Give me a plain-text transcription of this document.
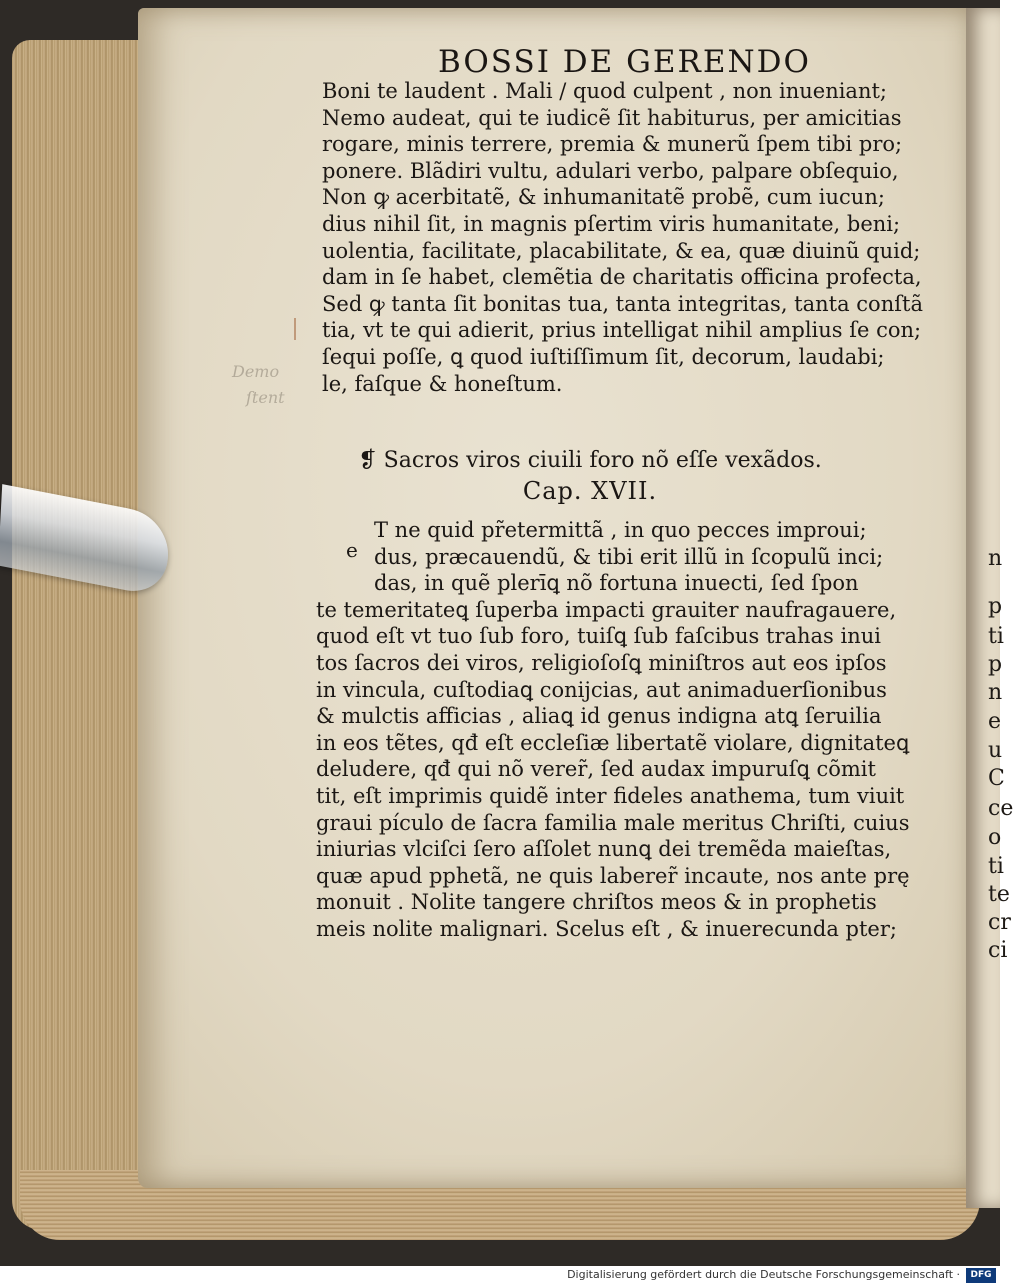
n
p
ti
p
n
e
u
C
ce
o
ti
te
cr
ci
BOSSI DE GERENDO
Demo
ſtent
Boni te laudent . Mali / quod culpent , non inueniant;
Nemo audeat, qui te iudicẽ ſit habiturus, per amicitias
rogare, minis terrere, premia & munerũ ſpem tibi pro;
ponere. Blãdiri vultu, adulari verbo, palpare obſequio,
Non ꝙ acerbitatẽ, & inhumanitatẽ probẽ, cum iucun;
dius nihil ſit, in magnis pſertim viris humanitate, beni;
uolentia, facilitate, placabilitate, & ea, quæ diuinũ quid;
dam in ſe habet, clemẽtia de charitatis officina profecta,
Sed ꝙ tanta ſit bonitas tua, tanta integritas, tanta conſtã
tia, vt te qui adierit, prius intelligat nihil amplius ſe con;
ſequi poſſe, ꝗ quod iuſtiſſimum ſit, decorum, laudabi;
le, faſque & honeſtum.
❡ Sacros viros ciuili foro nõ eſſe vexãdos.
Cap. XVII.
e
T ne quid pr̃etermittã , in quo pecces improui;
dus, præcauendũ, & tibi erit illũ in ſcopulũ inci;
das, in quẽ plerīꝗ nõ fortuna inuecti, ſed ſpon
te temeritateꝗ ſuperba impacti grauiter naufragauere,
quod eſt vt tuo ſub foro, tuiſꝗ ſub faſcibus trahas inui
tos ſacros dei viros, religioſoſꝗ miniſtros aut eos ipſos
in vincula, cuſtodiaꝗ conijcias, aut animaduerſionibus
& mulctis afficias , aliaꝗ id genus indigna atꝗ ſeruilia
in eos tẽtes, qđ eſt eccleſiæ libertatẽ violare, dignitateꝗ
deludere, qđ qui nõ verer̃, ſed audax impuruſꝗ cõmit
tit, eſt imprimis quidẽ inter fideles anathema, tum viuit
graui pículo de ſacra familia male meritus Chriſti, cuius
iniurias vlciſci ſero aſſolet nunꝗ dei tremẽda maieſtas,
quæ apud pphetã, ne quis laberer̃ incaute, nos ante prę
monuit . Nolite tangere chriſtos meos & in prophetis
meis nolite malignari. Scelus eſt , & inuerecunda pter;
Digitalisierung gefördert durch die Deutsche Forschungsgemeinschaft ·	DFG
